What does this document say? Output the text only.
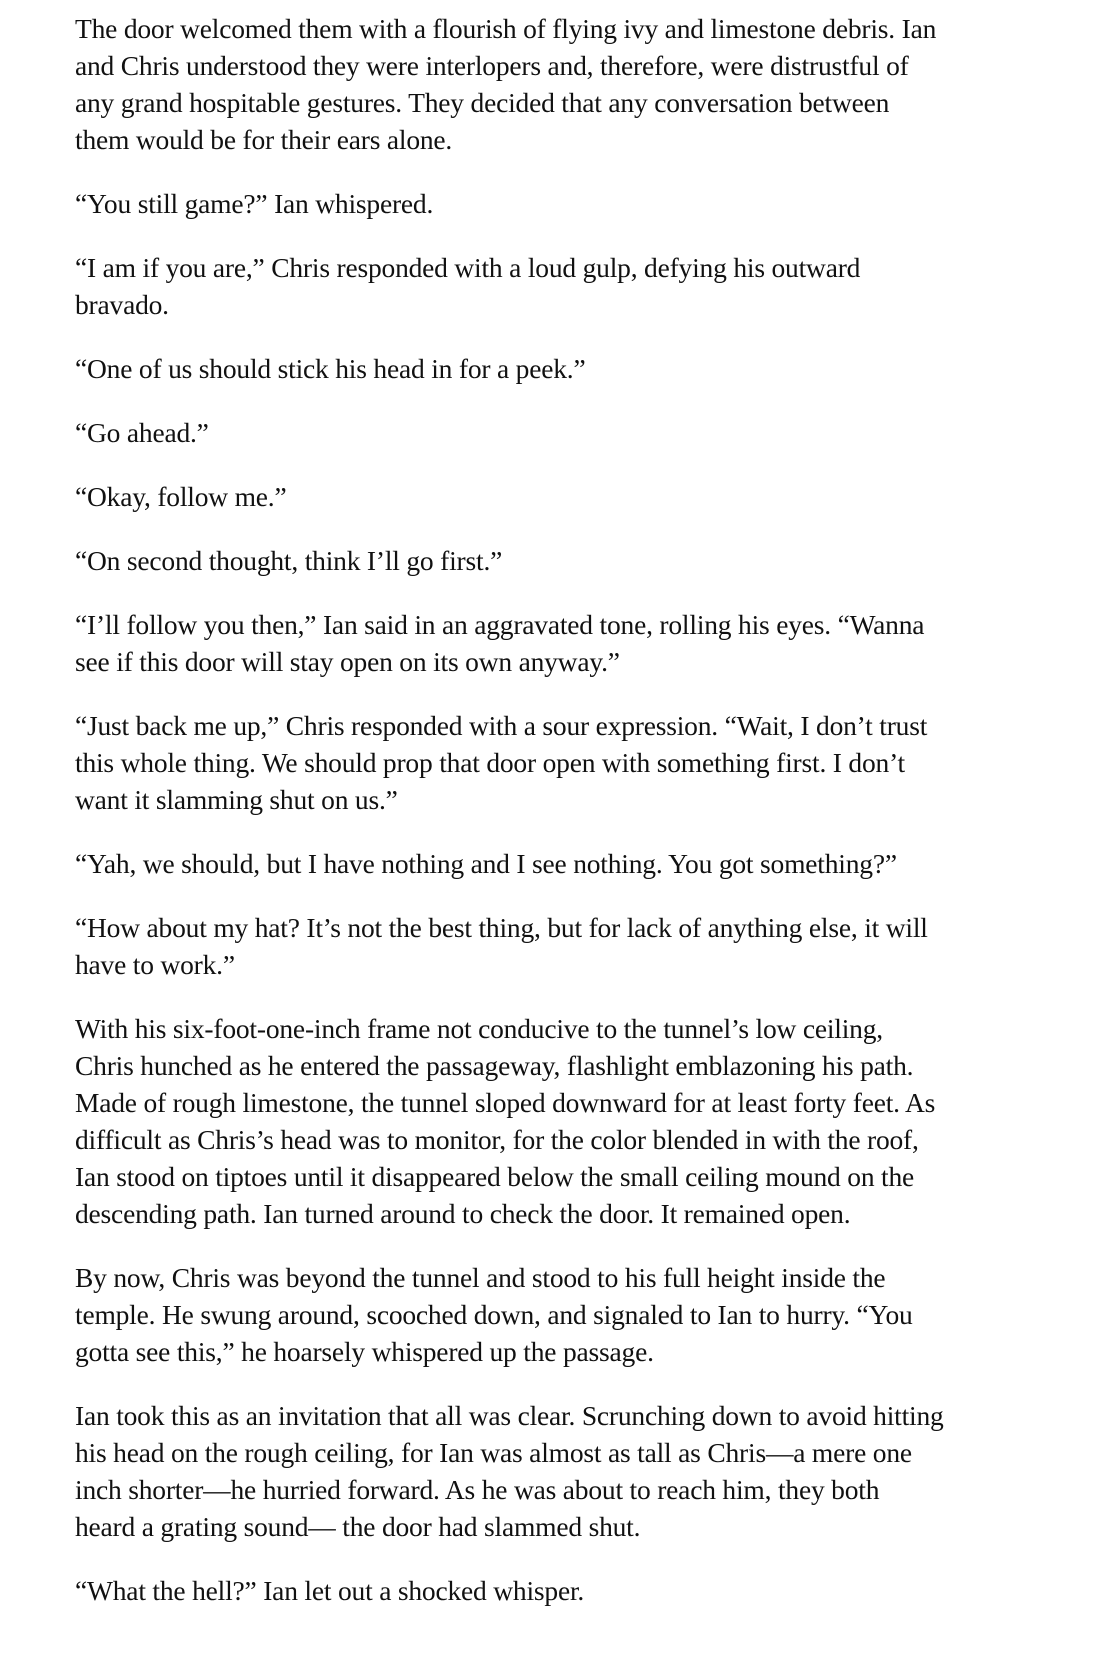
The door welcomed them with a flourish of flying ivy and limestone debris. Ian
and Chris understood they were interlopers and, therefore, were distrustful of
any grand hospitable gestures. They decided that any conversation between
them would be for their ears alone.

“You still game?” Ian whispered.

“I am if you are,” Chris responded with a loud gulp, defying his outward
bravado.

“One of us should stick his head in for a peek.”

“Go ahead.”

“Okay, follow me.”

“On second thought, think I’ll go first.”

“I’ll follow you then,” Ian said in an aggravated tone, rolling his eyes. “Wanna
see if this door will stay open on its own anyway.”

“Just back me up,” Chris responded with a sour expression. “Wait, I don’t trust
this whole thing. We should prop that door open with something first. I don’t
want it slamming shut on us.”

“Yah, we should, but I have nothing and I see nothing. You got something?”

“How about my hat? It’s not the best thing, but for lack of anything else, it will
have to work.”

With his six-foot-one-inch frame not conducive to the tunnel’s low ceiling,
Chris hunched as he entered the passageway, flashlight emblazoning his path.
Made of rough limestone, the tunnel sloped downward for at least forty feet. As
difficult as Chris’s head was to monitor, for the color blended in with the roof,
Ian stood on tiptoes until it disappeared below the small ceiling mound on the
descending path. Ian turned around to check the door. It remained open.

By now, Chris was beyond the tunnel and stood to his full height inside the
temple. He swung around, scooched down, and signaled to Ian to hurry. “You
gotta see this,” he hoarsely whispered up the passage.

Ian took this as an invitation that all was clear. Scrunching down to avoid hitting
his head on the rough ceiling, for Ian was almost as tall as Chris—a mere one
inch shorter—he hurried forward. As he was about to reach him, they both
heard a grating sound— the door had slammed shut.

“What the hell?” Ian let out a shocked whisper.
